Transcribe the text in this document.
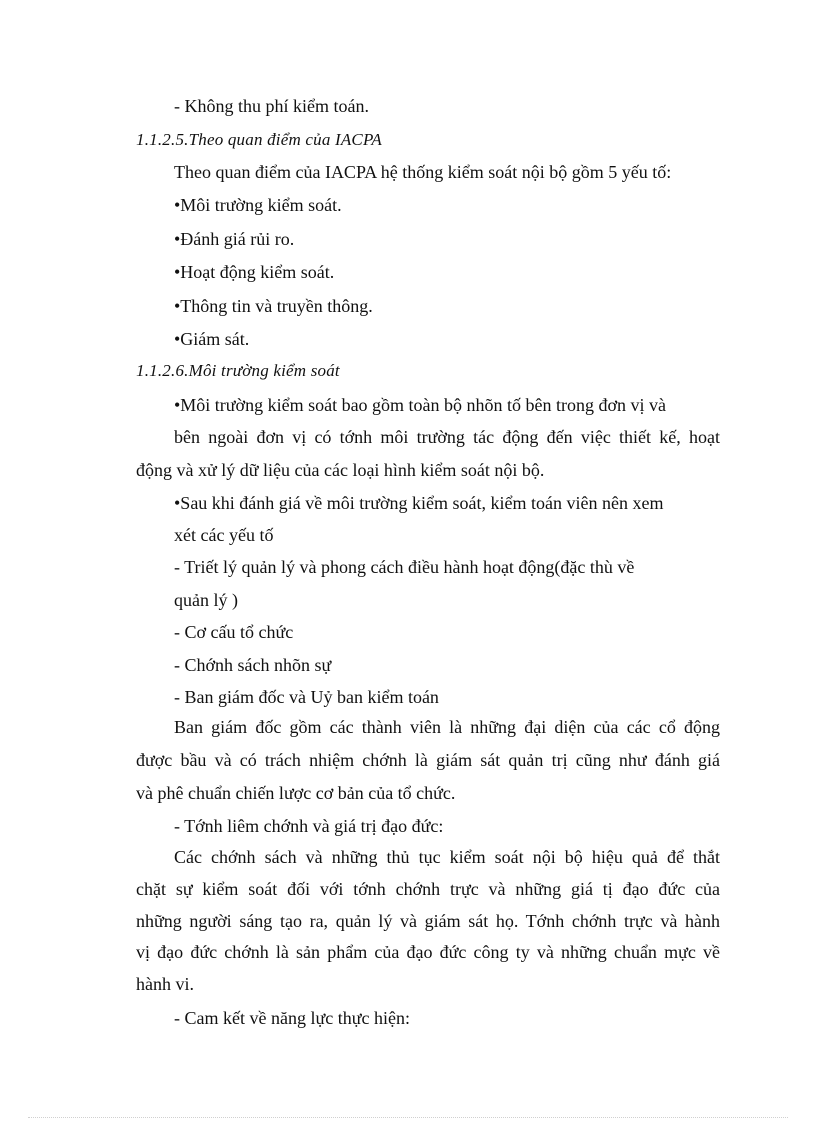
- Không thu phí kiểm toán.
1.1.2.5.Theo quan điểm của IACPA
Theo quan điểm của IACPA hệ thống kiểm soát nội bộ gồm 5 yếu tố:
•Môi trường kiểm soát.
•Đánh giá rủi ro.
•Hoạt động kiểm soát.
•Thông tin và truyền thông.
•Giám sát.
1.1.2.6.Môi trường kiểm soát
•Môi trường kiểm soát bao gồm toàn bộ nhõn tố bên trong đơn vị và
bên ngoài đơn vị có tớnh môi trường tác động đến việc thiết kế, hoạt
động và xử lý dữ liệu của các loại hình kiểm soát nội bộ.
•Sau khi đánh giá về môi trường kiểm soát, kiểm toán viên nên xem
xét các yếu tố
- Triết lý quản lý và phong cách điều hành hoạt động(đặc thù về
quản lý )
- Cơ cấu tổ chức
- Chớnh sách nhõn sự
- Ban giám đốc và Uỷ ban kiểm toán
Ban giám đốc gồm các thành viên là những đại diện của các cổ động
được bầu và có trách nhiệm chớnh là giám sát quản trị cũng như đánh giá
và phê chuẩn chiến lược cơ bản của tổ chức.
- Tớnh liêm chớnh và giá trị đạo đức:
Các chớnh sách và những thủ tục kiểm soát nội bộ hiệu quả để thắt
chặt sự kiểm soát đối với tớnh chớnh trực và những giá tị đạo đức của
những người sáng tạo ra, quản lý và giám sát họ. Tớnh chớnh trực và hành
vị đạo đức chớnh là sản phẩm của đạo đức công ty và những chuẩn mực về
hành vi.
- Cam kết về năng lực thực hiện:
